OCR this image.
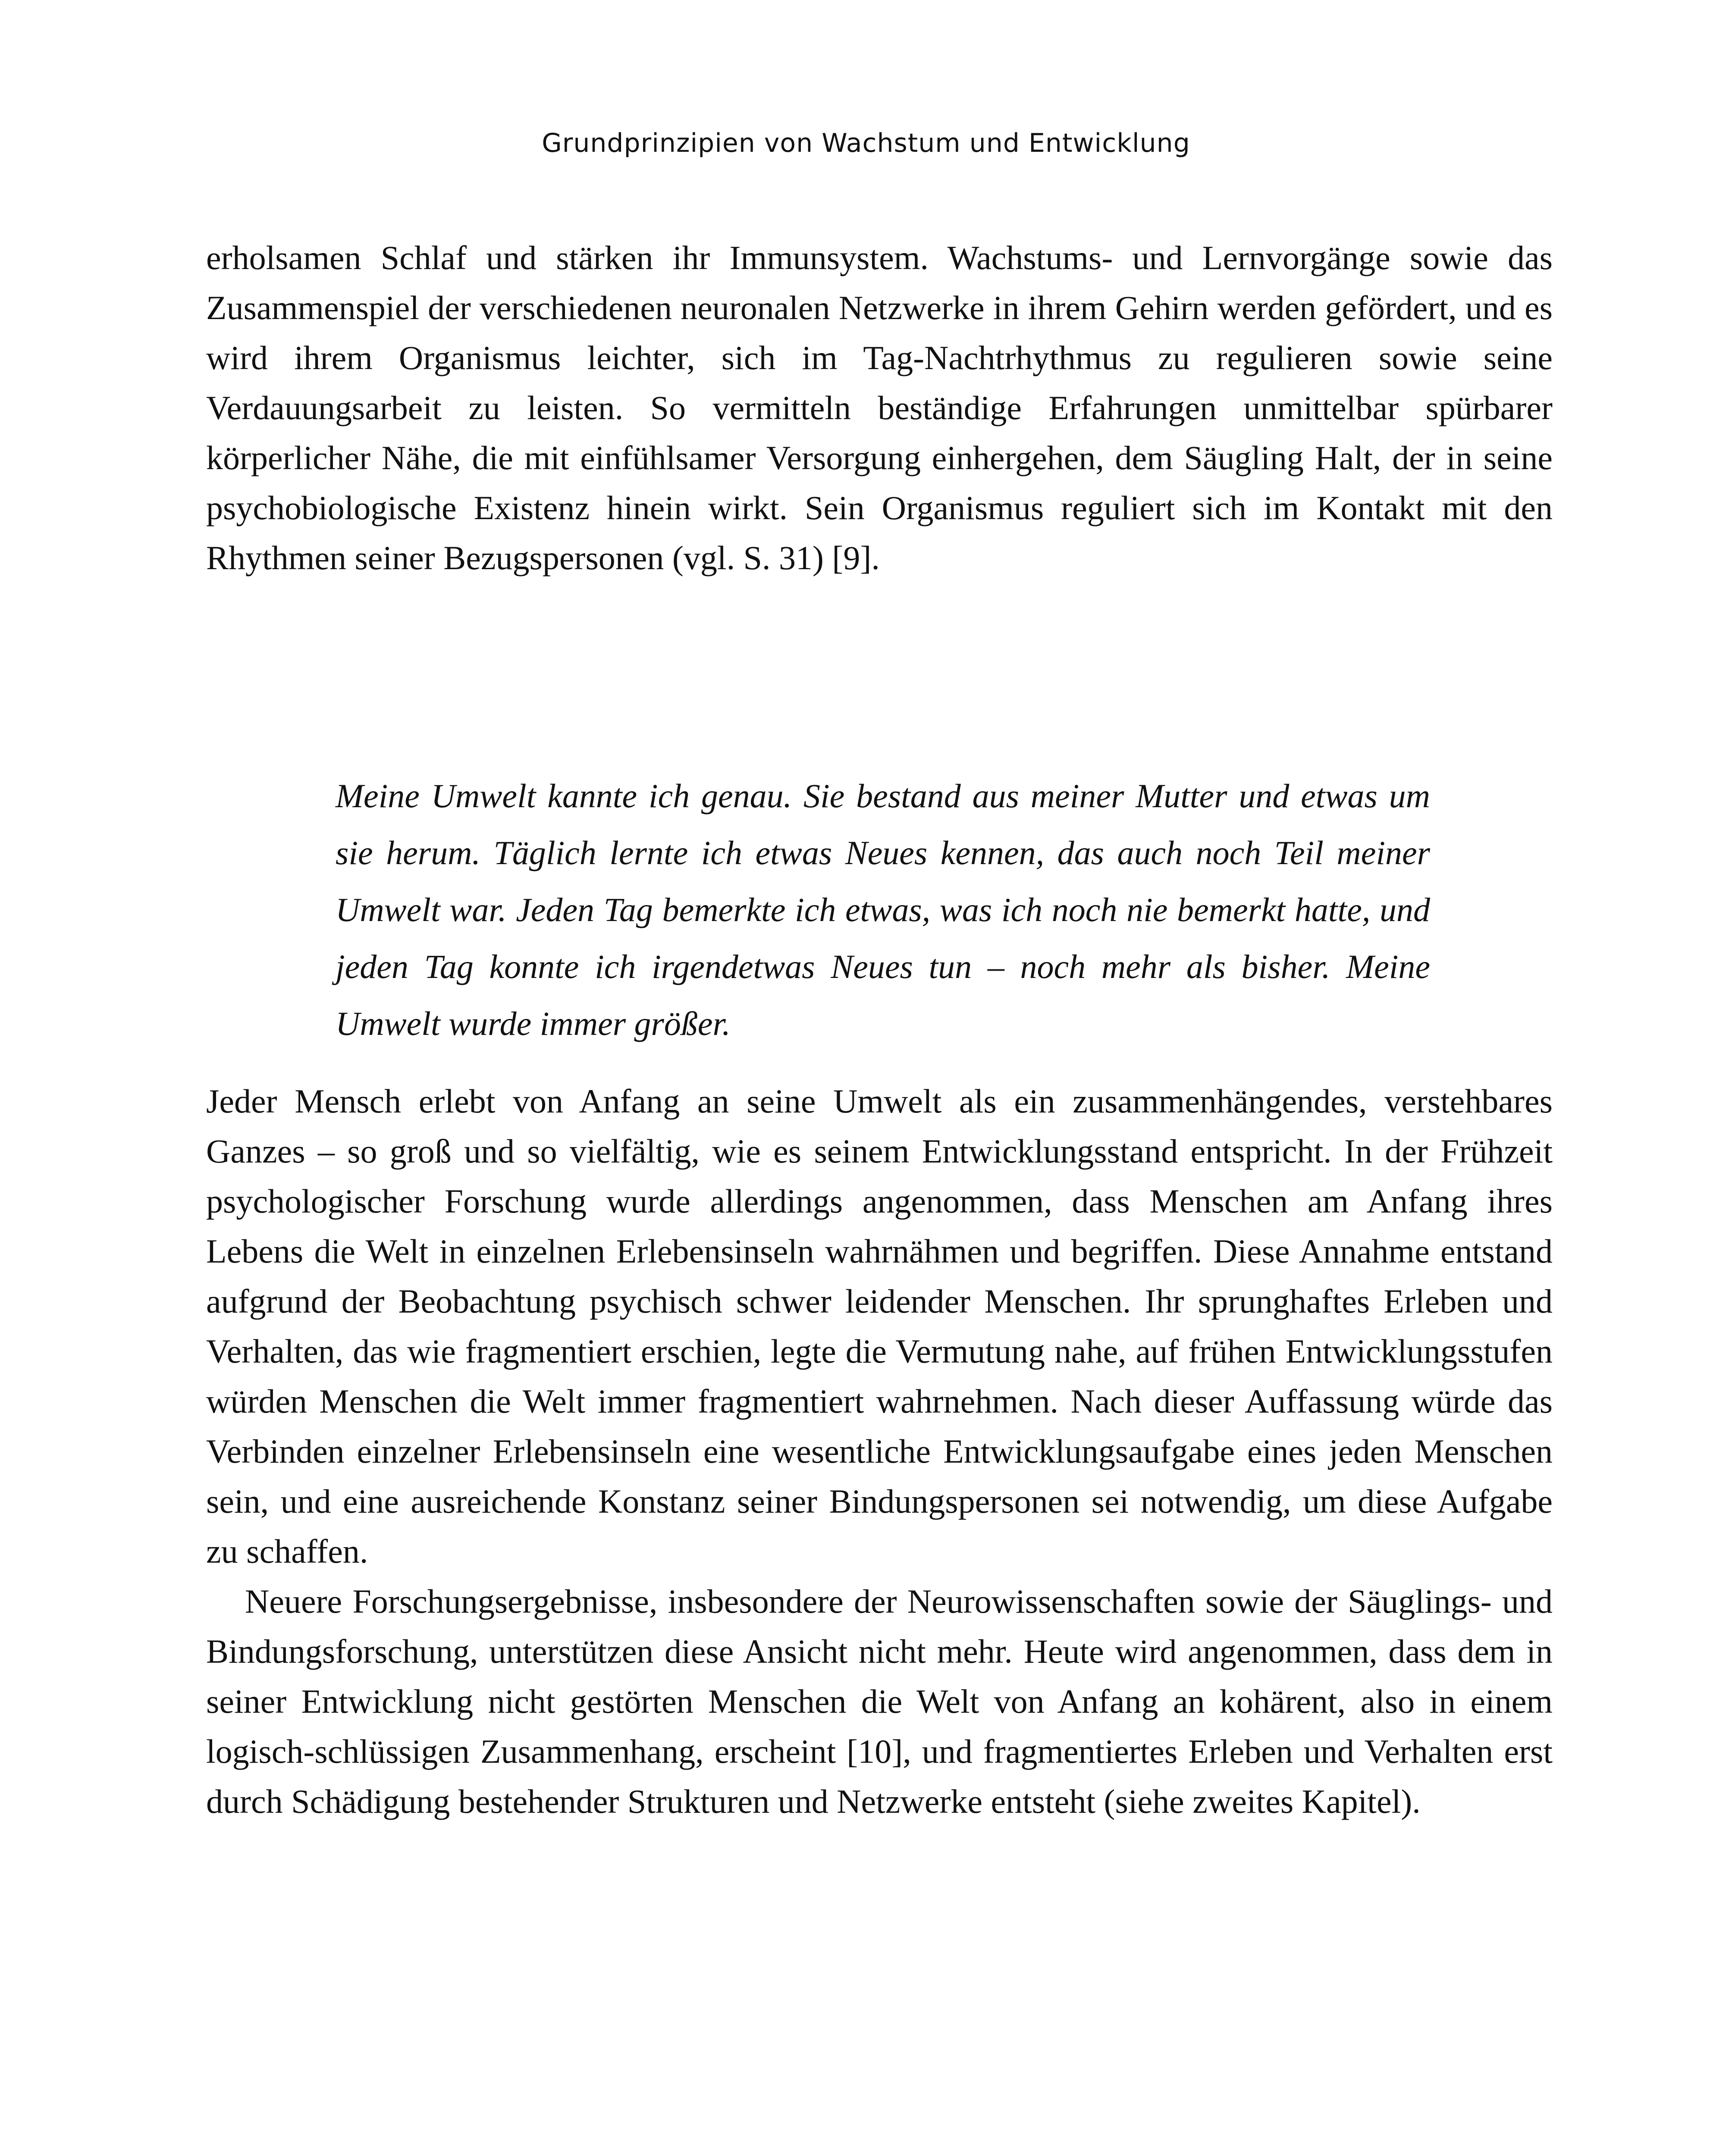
Grundprinzipien von Wachstum und Entwicklung

erholsamen Schlaf und stärken ihr Immunsystem. Wachstums- und Lernvorgänge sowie das Zusammenspiel der verschiedenen neuronalen Netzwerke in ihrem Gehirn werden gefördert, und es wird ihrem Organismus leichter, sich im Tag-Nachtrhythmus zu regulieren sowie seine Verdauungsarbeit zu leisten. So vermitteln beständige Erfahrungen unmittelbar spürbarer körperlicher Nähe, die mit einfühlsamer Versorgung einhergehen, dem Säugling Halt, der in seine psychobiologische Existenz hinein wirkt. Sein Organismus reguliert sich im Kontakt mit den Rhythmen seiner Bezugspersonen (vgl. S. 31) [9].

Meine Umwelt kannte ich genau. Sie bestand aus meiner Mutter und etwas um sie herum. Täglich lernte ich etwas Neues kennen, das auch noch Teil meiner Umwelt war. Jeden Tag bemerkte ich etwas, was ich noch nie bemerkt hatte, und jeden Tag konnte ich irgendetwas Neues tun – noch mehr als bisher. Meine Umwelt wurde immer größer.

Jeder Mensch erlebt von Anfang an seine Umwelt als ein zusammenhängendes, verstehbares Ganzes – so groß und so vielfältig, wie es seinem Entwicklungsstand entspricht. In der Frühzeit psychologischer Forschung wurde allerdings angenommen, dass Menschen am Anfang ihres Lebens die Welt in einzelnen Erlebensinseln wahrnähmen und begriffen. Diese Annahme entstand aufgrund der Beobachtung psychisch schwer leidender Menschen. Ihr sprunghaftes Erleben und Verhalten, das wie fragmentiert erschien, legte die Vermutung nahe, auf frühen Entwicklungsstufen würden Menschen die Welt immer fragmentiert wahrnehmen. Nach dieser Auffassung würde das Verbinden einzelner Erlebensinseln eine wesentliche Entwicklungsaufgabe eines jeden Menschen sein, und eine ausreichende Konstanz seiner Bindungspersonen sei notwendig, um diese Aufgabe zu schaffen.

Neuere Forschungsergebnisse, insbesondere der Neurowissenschaften sowie der Säuglings- und Bindungsforschung, unterstützen diese Ansicht nicht mehr. Heute wird angenommen, dass dem in seiner Entwicklung nicht gestörten Menschen die Welt von Anfang an kohärent, also in einem logisch-schlüssigen Zusammenhang, erscheint [10], und fragmentiertes Erleben und Verhalten erst durch Schädigung bestehender Strukturen und Netzwerke entsteht (siehe zweites Kapitel).
